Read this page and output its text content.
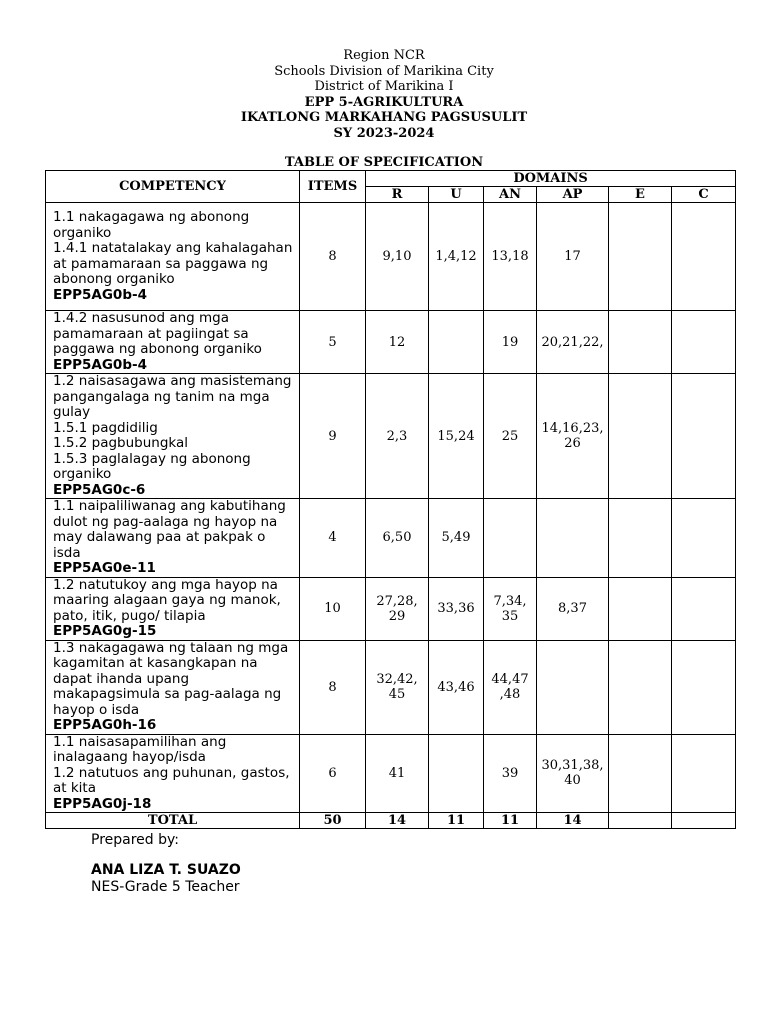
Region NCR
Schools Division of Marikina City
District of Marikina I
EPP 5-AGRIKULTURA
IKATLONG MARKAHANG PAGSUSULIT
SY 2023-2024
TABLE OF SPECIFICATION
COMPETENCY	ITEMS	DOMAINS					
		R	U	AN	AP	E	C

1.1 nakagagawa ng abonong organiko
1.4.1 natatalakay ang kahalagahan at pamamaraan sa paggawa ng abonong organiko
EPP5AG0b-4	8	9,10	1,4,12	13,18	17		

1.4.2 nasusunod ang mga pamamaraan at pagiingat sa paggawa ng abonong organiko
EPP5AG0b-4	5	12		19	20,21,22,		

1.2 naisasagawa ang masistemang pangangalaga ng tanim na mga gulay
1.5.1 pagdidilig
1.5.2 pagbubungkal
1.5.3 paglalagay ng abonong organiko
EPP5AG0c-6	9	2,3	15,24	25	14,16,23, 26		

1.1 naipaliliwanag ang kabutihang dulot ng pag-aalaga ng hayop na may dalawang paa at pakpak o isda
EPP5AG0e-11	4	6,50	5,49				

1.2 natutukoy ang mga hayop na maaring alagaan gaya ng manok, pato, itik, pugo/ tilapia
EPP5AG0g-15	10	27,28, 29	33,36	7,34, 35	8,37		

1.3 nakagagawa ng talaan ng mga kagamitan at kasangkapan na dapat ihanda upang makapagsimula sa pag-aalaga ng hayop o isda
EPP5AG0h-16	8	32,42, 45	43,46	44,47 ,48			

1.1 naisasapamilihan ang inalagaang hayop/isda
1.2 natutuos ang puhunan, gastos, at kita
EPP5AG0j-18	6	41		39	30,31,38, 40		
TOTAL	50	14	11	11	14		
Prepared by:
ANA LIZA T. SUAZO
NES-Grade 5 Teacher
